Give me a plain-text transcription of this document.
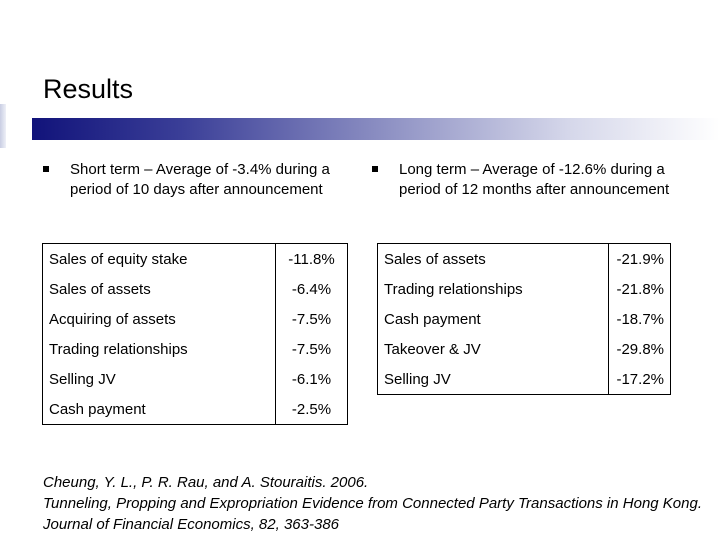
Results
Short term – Average of -3.4% during a period of 10 days after announcement
Long term – Average of -12.6% during a period of 12 months after announcement
Sales of equity stake	-11.8%
Sales of assets	-6.4%
Acquiring of assets	-7.5%
Trading relationships	-7.5%
Selling JV	-6.1%
Cash payment	-2.5%
Sales of assets	-21.9%
Trading relationships	-21.8%
Cash payment	-18.7%
Takeover & JV	-29.8%
Selling JV	-17.2%
Cheung, Y. L., P. R. Rau, and A. Stouraitis. 2006.
Tunneling, Propping and Expropriation Evidence from Connected Party Transactions in Hong Kong. Journal of Financial Economics, 82, 363-386
